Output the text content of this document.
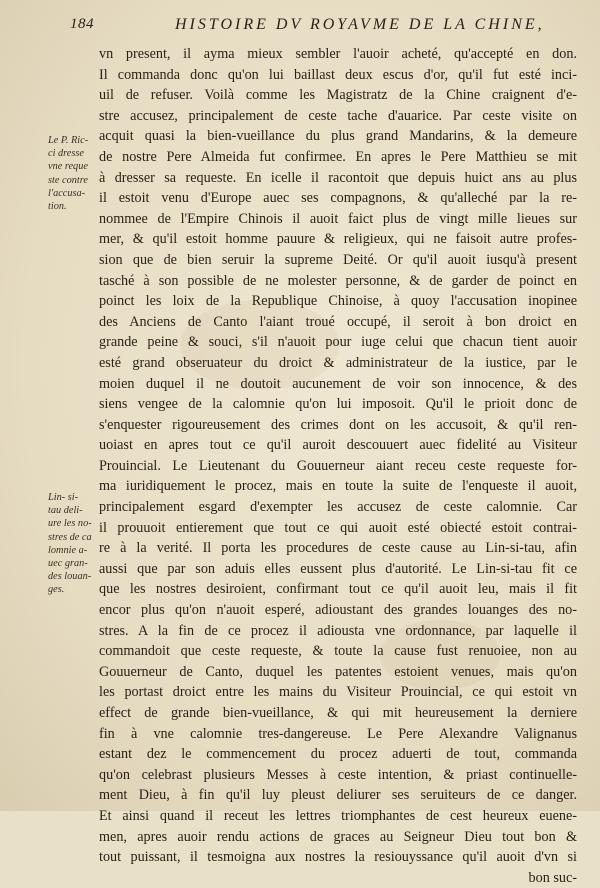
184	HISTOIRE DV ROYAVME DE LA CHINE,
Le P. Ric-
ci dresse
vne reque
ste contre
l'accusa-
tion.
Lin- si-
tau deli-
ure les no-
stres de ca
lomnie a-
uec gran-
des louan-
ges.
vn present, il ayma mieux sembler l'auoir acheté, qu'accepté en don.
Il commanda donc qu'on lui baillast deux escus d'or, qu'il fut esté inci-
uil de refuser. Voilà comme les Magistratz de la Chine craignent d'e-
stre accusez, principalement de ceste tache d'auarice. Par ceste visite on
acquit quasi la bien-vueillance du plus grand Mandarins, & la demeure
de nostre Pere Almeida fut confirmee. En apres le Pere Matthieu se mit
à dresser sa requeste. En icelle il racontoit que depuis huict ans au plus
il estoit venu d'Europe auec ses compagnons, & qu'alleché par la re-
nommee de l'Empire Chinois il auoit faict plus de vingt mille lieues sur
mer, & qu'il estoit homme pauure & religieux, qui ne faisoit autre profes-
sion que de bien seruir la supreme Deité. Or qu'il auoit iusqu'à present
tasché à son possible de ne molester personne, & de garder de poinct en
poinct les loix de la Republique Chinoise, à quoy l'accusation inopinee
des Anciens de Canto l'aiant troué occupé, il seroit à bon droict en
grande peine & souci, s'il n'auoit pour iuge celui que chacun tient auoir
esté grand obseruateur du droict & administrateur de la iustice, par le
moien duquel il ne doutoit aucunement de voir son innocence, & des
siens vengee de la calomnie qu'on lui imposoit. Qu'il le prioit donc de
s'enquester rigoureusement des crimes dont on les accusoit, & qu'il ren-
uoiast en apres tout ce qu'il auroit descouuert auec fidelité au Visiteur
Prouincial. Le Lieutenant du Gouuerneur aiant receu ceste requeste for-
ma iuridiquement le procez, mais en toute la suite de l'enqueste il auoit,
principalement esgard d'exempter les accusez de ceste calomnie. Car
il prouuoit entierement que tout ce qui auoit esté obiecté estoit contrai-
re à la verité. Il porta les procedures de ceste cause au Lin-si-tau, afin
aussi que par son aduis elles eussent plus d'autorité. Le Lin-si-tau fit ce
que les nostres desiroient, confirmant tout ce qu'il auoit leu, mais il fit
encor plus qu'on n'auoit esperé, adioustant des grandes louanges des no-
stres. A la fin de ce procez il adiousta vne ordonnance, par laquelle il
commandoit que ceste requeste, & toute la cause fust renuoiee, non au
Gouuerneur de Canto, duquel les patentes estoient venues, mais qu'on
les portast droict entre les mains du Visiteur Prouincial, ce qui estoit vn
effect de grande bien-vueillance, & qui mit heureusement la derniere
fin à vne calomnie tres-dangereuse. Le Pere Alexandre Valignanus
estant dez le commencement du procez aduerti de tout, commanda
qu'on celebrast plusieurs Messes à ceste intention, & priast continuelle-
ment Dieu, à fin qu'il luy pleust deliurer ses seruiteurs de ce danger.
Et ainsi quand il receut les lettres triomphantes de cest heureux euene-
men, apres auoir rendu actions de graces au Seigneur Dieu tout bon &
tout puissant, il tesmoigna aux nostres la resiouyssance qu'il auoit d'vn si
bon suc-
